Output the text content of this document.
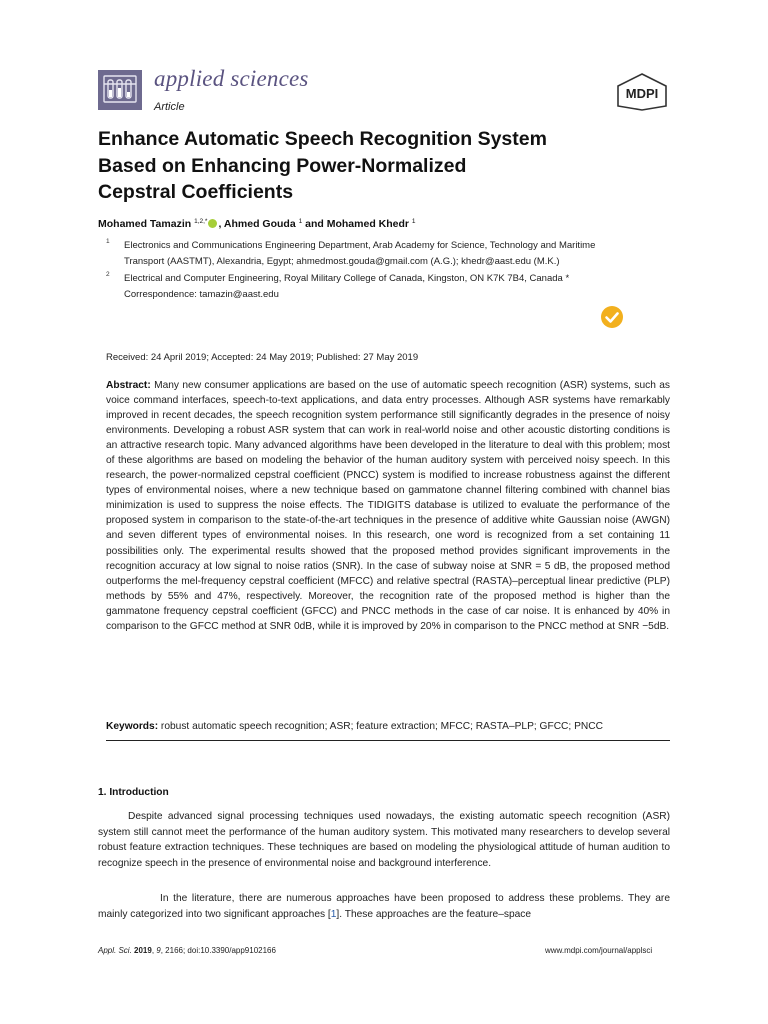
applied sciences
Article
MDPI
Enhance Automatic Speech Recognition System
Based on Enhancing Power-Normalized
Cepstral Coefficients
Mohamed Tamazin $^{1,2,*}$ , Ahmed Gouda $^1$ and Mohamed Khedr $^1$
1 Electronics and Communications Engineering Department, Arab Academy for Science, Technology and Maritime
Transport (AASTMT), Alexandria, Egypt; ahmedmost.gouda@gmail.com (A.G.); khedr@aast.edu (M.K.)
2 Electrical and Computer Engineering, Royal Military College of Canada, Kingston, ON K7K 7B4, Canada *
Correspondence: tamazin@aast.edu
Received: 24 April 2019; Accepted: 24 May 2019; Published: 27 May 2019
Abstract: Many new consumer applications are based on the use of automatic speech recognition (ASR) systems, such as voice command interfaces, speech-to-text applications, and data entry processes. Although ASR systems have remarkably improved in recent decades, the speech recognition system performance still significantly degrades in the presence of noisy environments. Developing a robust ASR system that can work in real-world noise and other acoustic distorting conditions is an attractive research topic. Many advanced algorithms have been developed in the literature to deal with this problem; most of these algorithms are based on modeling the behavior of the human auditory system with perceived noisy speech. In this research, the power-normalized cepstral coefficient (PNCC) system is modified to increase robustness against the different types of environmental noises, where a new technique based on gammatone channel filtering combined with channel bias minimization is used to suppress the noise effects. The TIDIGITS database is utilized to evaluate the performance of the proposed system in comparison to the state-of-the-art techniques in the presence of additive white Gaussian noise (AWGN) and seven different types of environmental noises. In this research, one word is recognized from a set containing 11 possibilities only. The experimental results showed that the proposed method provides significant improvements in the recognition accuracy at low signal to noise ratios (SNR). In the case of subway noise at SNR = 5 dB, the proposed method outperforms the mel-frequency cepstral coefficient (MFCC) and relative spectral (RASTA)–perceptual linear predictive (PLP) methods by 55% and 47%, respectively. Moreover, the recognition rate of the proposed method is higher than the gammatone frequency cepstral coefficient (GFCC) and PNCC methods in the case of car noise. It is enhanced by 40% in comparison to the GFCC method at SNR 0dB, while it is improved by 20% in comparison to the PNCC method at SNR −5dB.
Keywords: robust automatic speech recognition; ASR; feature extraction; MFCC; RASTA–PLP; GFCC; PNCC
1. Introduction
Despite advanced signal processing techniques used nowadays, the existing automatic speech recognition (ASR) system still cannot meet the performance of the human auditory system. This motivated many researchers to develop several robust feature extraction techniques. These techniques are based on modeling the physiological attitude of human audition to recognize speech in the presence of environmental noise and background interference.
In the literature, there are numerous approaches have been proposed to address these problems. They are mainly categorized into two significant approaches [1]. These approaches are the feature–space
Appl. Sci. 2019, 9, 2166; doi:10.3390/app9102166	www.mdpi.com/journal/applsci
